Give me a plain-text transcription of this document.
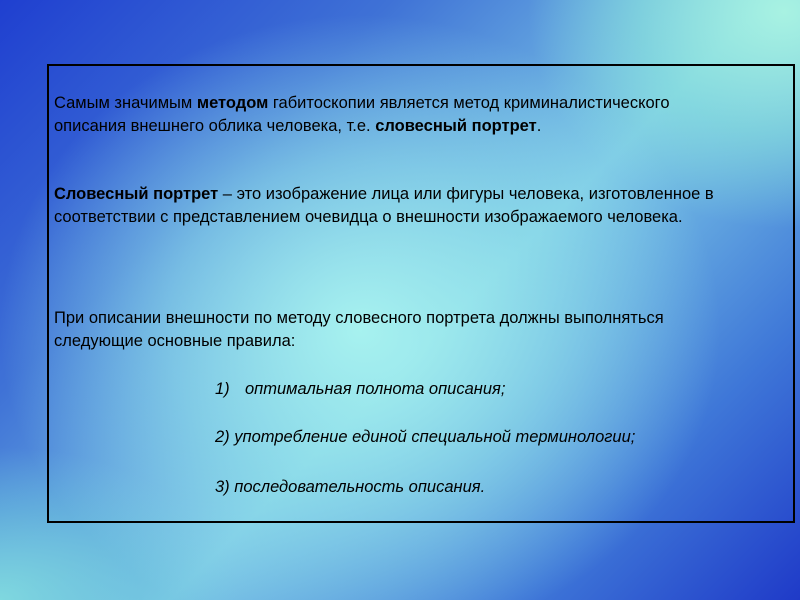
Самым значимым методом габитоскопии является метод криминалистического описания внешнего облика человека, т.е. словесный портрет.
Словесный портрет – это изображение лица или фигуры человека, изготовленное в соответствии с представлением очевидца о внешности изображаемого человека.
При описании внешности по методу словесного портрета должны выполняться следующие основные правила:
1) оптимальная полнота описания;
2) употребление единой специальной терминологии;
3) последовательность описания.
